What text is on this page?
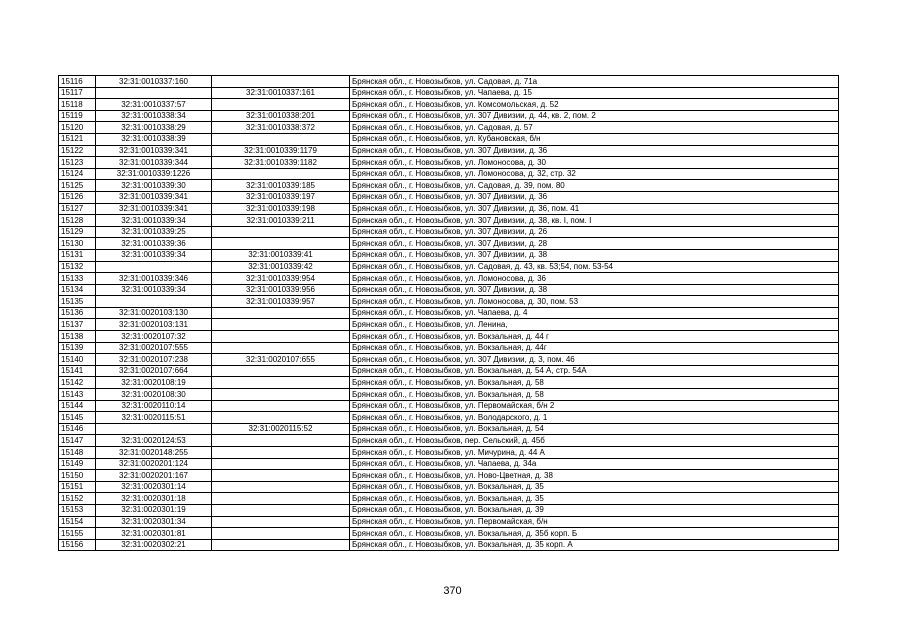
15116	32:31:0010337:160		Брянская обл., г. Новозыбков, ул. Садовая, д. 71а
15117		32:31:0010337:161	Брянская обл., г. Новозыбков, ул. Чапаева, д. 15
15118	32:31:0010337:57		Брянская обл., г. Новозыбков, ул. Комсомольская, д. 52
15119	32:31:0010338:34	32:31:0010338:201	Брянская обл., г. Новозыбков, ул. 307 Дивизии, д. 44, кв. 2, пом. 2
15120	32:31:0010338:29	32:31:0010338:372	Брянская обл., г. Новозыбков, ул. Садовая, д. 57
15121	32:31:0010338:39		Брянская обл., г. Новозыбков, ул. Кубановская, б/н
15122	32:31:0010339:341	32:31:0010339:1179	Брянская обл., г. Новозыбков, ул. 307 Дивизии, д. 36
15123	32:31:0010339:344	32:31:0010339:1182	Брянская обл., г. Новозыбков, ул. Ломоносова, д. 30
15124	32:31:0010339:1226		Брянская обл., г. Новозыбков, ул. Ломоносова, д. 32, стр. 32
15125	32:31:0010339:30	32:31:0010339:185	Брянская обл., г. Новозыбков, ул. Садовая, д. 39, пом. 80
15126	32:31:0010339:341	32:31:0010339:197	Брянская обл., г. Новозыбков, ул. 307 Дивизии, д. 36
15127	32:31:0010339:341	32:31:0010339:198	Брянская обл., г. Новозыбков, ул. 307 Дивизии, д. 36, пом. 41
15128	32:31:0010339:34	32:31:0010339:211	Брянская обл., г. Новозыбков, ул. 307 Дивизии, д. 38, кв. I, пом. I
15129	32:31:0010339:25		Брянская обл., г. Новозыбков, ул. 307 Дивизии, д. 26
15130	32:31:0010339:36		Брянская обл., г. Новозыбков, ул. 307 Дивизии, д. 28
15131	32:31:0010339:34	32:31:0010339:41	Брянская обл., г. Новозыбков, ул. 307 Дивизии, д. 38
15132		32:31:0010339:42	Брянская обл., г. Новозыбков, ул. Садовая, д. 43, кв. 53;54, пом. 53-54
15133	32:31:0010339:346	32:31:0010339:954	Брянская обл., г. Новозыбков, ул. Ломоносова, д. 36
15134	32:31:0010339:34	32:31:0010339:956	Брянская обл., г. Новозыбков, ул. 307 Дивизии, д. 38
15135		32:31:0010339:957	Брянская обл., г. Новозыбков, ул. Ломоносова, д. 30, пом. 53
15136	32:31:0020103:130		Брянская обл., г. Новозыбков, ул. Чапаева, д. 4
15137	32:31:0020103:131		Брянская обл., г. Новозыбков, ул. Ленина,
15138	32:31:0020107:32		Брянская обл., г. Новозыбков, ул. Вокзальная, д. 44 г
15139	32:31:0020107:555		Брянская обл., г. Новозыбков, ул. Вокзальная, д. 44г
15140	32:31:0020107:238	32:31:0020107:655	Брянская обл., г. Новозыбков, ул. 307 Дивизии, д. 3, пом. 46
15141	32:31:0020107:664		Брянская обл., г. Новозыбков, ул. Вокзальная, д. 54 А, стр. 54А
15142	32:31:0020108:19		Брянская обл., г. Новозыбков, ул. Вокзальная, д. 58
15143	32:31:0020108:30		Брянская обл., г. Новозыбков, ул. Вокзальная, д. 58
15144	32:31:0020110:14		Брянская обл., г. Новозыбков, ул. Первомайская, б/н 2
15145	32:31:0020115:51		Брянская обл., г. Новозыбков, ул. Володарского, д. 1
15146		32:31:0020115:52	Брянская обл., г. Новозыбков, ул. Вокзальная, д. 54
15147	32:31:0020124:53		Брянская обл., г. Новозыбков, пер. Сельский, д. 45б
15148	32:31:0020148:255		Брянская обл., г. Новозыбков, ул. Мичурина, д. 44 А
15149	32:31:0020201:124		Брянская обл., г. Новозыбков, ул. Чапаева, д. 34а
15150	32:31:0020201:167		Брянская обл., г. Новозыбков, ул. Ново-Цветная, д. 38
15151	32:31:0020301:14		Брянская обл., г. Новозыбков, ул. Вокзальная, д. 35
15152	32:31:0020301:18		Брянская обл., г. Новозыбков, ул. Вокзальная, д. 35
15153	32:31:0020301:19		Брянская обл., г. Новозыбков, ул. Вокзальная, д. 39
15154	32:31:0020301:34		Брянская обл., г. Новозыбков, ул. Первомайская, б/н
15155	32:31:0020301:81		Брянская обл., г. Новозыбков, ул. Вокзальная, д. 35б корп. Б
15156	32:31:0020302:21		Брянская обл., г. Новозыбков, ул. Вокзальная, д. 35 корп. А
370
